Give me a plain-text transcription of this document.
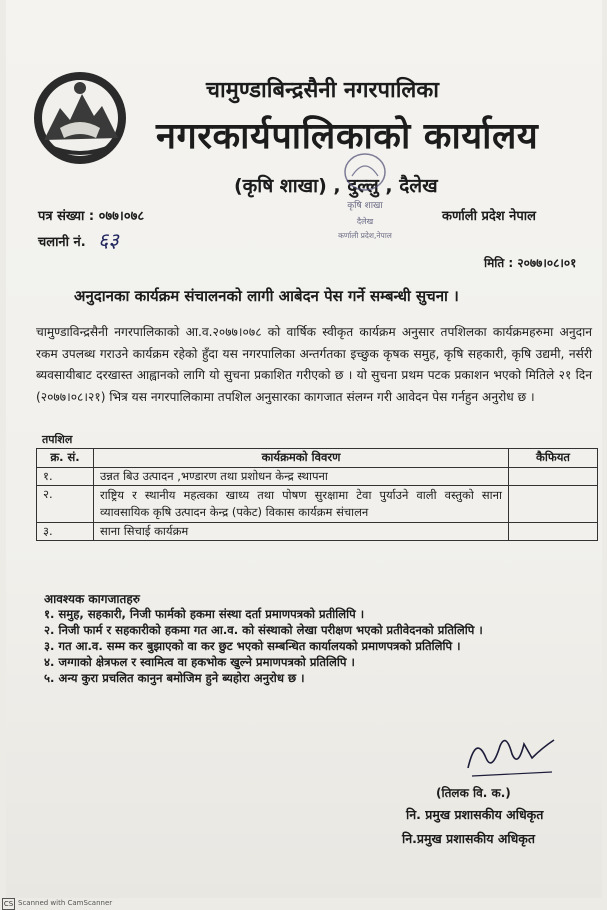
चामुण्डाबिन्द्रसैनी नगरपालिका
नगरकार्यपालिकाको कार्यालय
(कृषि शाखा) , दुल्लु , दैलेख
कृषि शाखा
दैलेख
कर्णाली प्रदेश,नेपाल
पत्र संख्या : ०७७।०७८
चलानी नं. ६३
कर्णाली प्रदेश नेपाल
मिति : २०७७।०८।०१
अनुदानका कार्यक्रम संचालनको लागी आबेदन पेस गर्ने सम्बन्धी सुचना ।
चामुण्डाविन्द्रसैनी नगरपालिकाको आ.व.२०७७।०७८ को वार्षिक स्वीकृत कार्यक्रम अनुसार तपशिलका कार्यक्रमहरुमा अनुदान रकम उपलब्ध गराउने कार्यक्रम रहेको हुँदा यस नगरपालिका अन्तर्गतका इच्छुक कृषक समुह, कृषि सहकारी, कृषि उद्यमी, नर्सरी ब्यवसायीबाट दरखास्त आह्वानको लागि यो सुचना प्रकाशित गरीएको छ । यो सुचना प्रथम पटक प्रकाशन भएको मितिले २१ दिन (२०७७।०८।२१) भित्र यस नगरपालिकामा तपशिल अनुसारका कागजात संलग्न गरी आवेदन पेस गर्नहुन अनुरोध छ ।
तपशिल
क्र. सं.	कार्यक्रमको विवरण	कैफियत
१.	उन्नत बिउ उत्पादन ,भण्डारण तथा प्रशोधन केन्द्र स्थापना	
२.	राष्ट्रिय र स्थानीय महत्वका खाध्य तथा पोषण सुरक्षामा टेवा पुर्याउने वाली वस्तुको साना व्यावसायिक कृषि उत्पादन केन्द्र (पकेट) विकास कार्यक्रम संचालन	
३.	साना सिचाई कार्यक्रम	
आवश्यक कागजातहरु
१. समुह, सहकारी, निजी फार्मको हकमा संस्था दर्ता प्रमाणपत्रको प्रतीलिपि ।
२. निजी फार्म र सहकारीको हकमा गत आ.व. को संस्थाको लेखा परीक्षण भएको प्रतीवेदनको प्रतिलिपि ।
३. गत आ.व. सम्म कर बुझाएको वा कर छुट भएको सम्बन्धित कार्यालयको प्रमाणपत्रको प्रतिलिपि ।
४. जग्गाको क्षेत्रफल र स्वामित्व वा हकभोक खुल्ने प्रमाणपत्रको प्रतिलिपि ।
५. अन्य कुरा प्रचलित कानुन बमोजिम हुने ब्यहोरा अनुरोध छ ।
(तिलक वि. क.)
नि. प्रमुख प्रशासकीय अधिकृत
नि.प्रमुख प्रशासकीय अधिकृत
CS Scanned with CamScanner
